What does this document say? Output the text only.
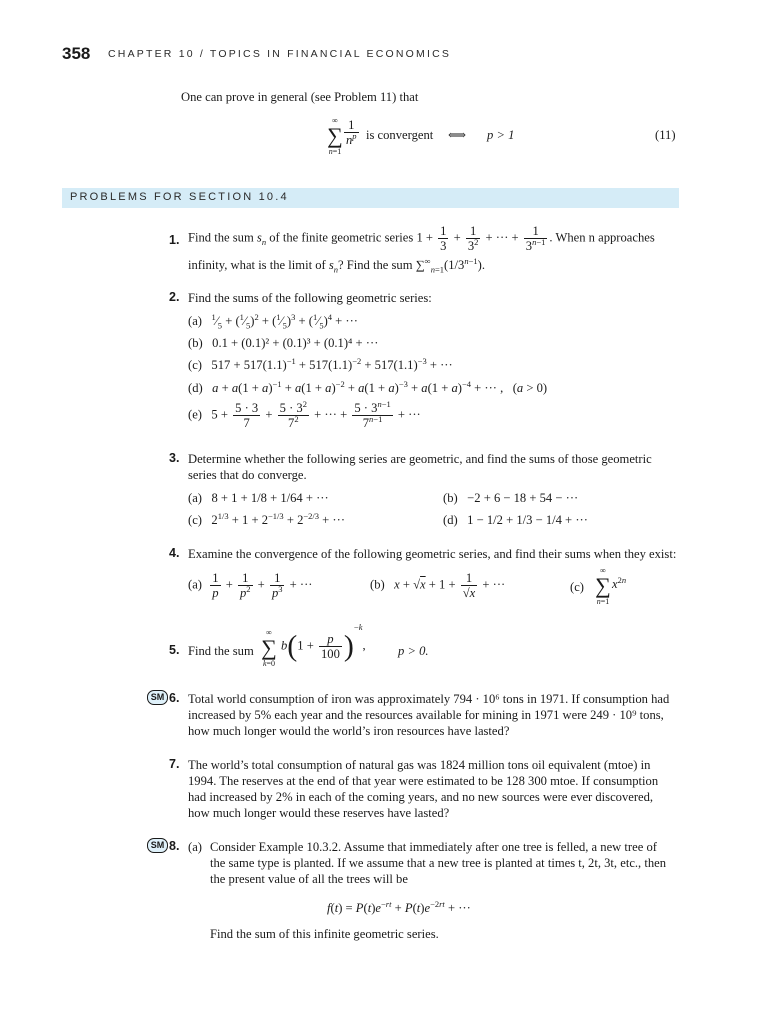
358 CHAPTER 10 / TOPICS IN FINANCIAL ECONOMICS
One can prove in general (see Problem 11) that
∞
∑
n=1
$\frac{1}{n^p}$ is convergent ⟺ p > 1	(11)
PROBLEMS FOR SECTION 10.4
1. Find the sum $s_n$ of the finite geometric series $1 + \frac{1}{3} + \frac{1}{3^2}$ + ··· + $\frac{1}{3^{n-1}}$ . When n approaches
infinity, what is the limit of $s_n$? Find the sum $\sum^\infty_{n=1}(1/3^{n-1})$.
2. Find the sums of the following geometric series:
(a)   $^1⁄_5$ + $(^1⁄_5)^2$ + $(^1⁄_5)^3$ + $(^1⁄_5)^4$ + ···
(b)   0.1 + (0.1)² + (0.1)³ + (0.1)⁴ + ···
(c)   $517 + 517(1.1)^{-1} + 517(1.1)^{-2} + 517(1.1)^{-3}$ + ···
(d)   $a + a(1 + a)^{-1} + a(1 + a)^{-2} + a(1 + a)^{-3} + a(1 + a)^{-4}$ + ··· ,   (a > 0)
(e)   $5 + \frac{5 \cdot 3}{7} + \frac{5 \cdot 3^2}{7^2}$ + ··· + $\frac{5 \cdot 3^{n-1}}{7^{n-1}}$ + ···
3. Determine whether the following series are geometric, and find the sums of those geometric
series that do converge.
(a)   8 + 1 + 1/8 + 1/64 + ···	(b)   −2 + 6 − 18 + 54 − ···
(c)   $2^{1/3} + 1 + 2^{-1/3} + 2^{-2/3}$ + ···	(d)   1 − 1/2 + 1/3 − 1/4 + ···
4. Examine the convergence of the following geometric series, and find their sums when they exist:
$(a) \frac{1}{p} + \frac{1}{p^2} + \frac{1}{p^3}$ + ···	(b)   $x + √x + 1 + \frac{1}{√x}$ + ···	(c)
∞
∑
n=1
$x^{2n}$
5. Find the sum
∞
∑
k=0
$b(1 + \frac{p}{100} )^{-k}$,	p > 0.
SM 6. Total world consumption of iron was approximately 794 · 10⁶ tons in 1971. If consumption had
increased by 5% each year and the resources available for mining in 1971 were 249 · 10⁹ tons,
how much longer would the world’s iron resources have lasted?
7. The world’s total consumption of natural gas was 1824 million tons oil equivalent (mtoe) in
1994. The reserves at the end of that year were estimated to be 128 300 mtoe. If consumption
had increased by 2% in each of the coming years, and no new sources were ever discovered,
how much longer would these reserves have lasted?
SM 8. (a) Consider Example 10.3.2. Assume that immediately after one tree is felled, a new tree of
the same type is planted. If we assume that a new tree is planted at times t, 2t, 3t, etc., then
the present value of all the trees will be
$f(t) = P(t)e^{-rt} + P(t)e^{-2rt}$ + ···
Find the sum of this infinite geometric series.
